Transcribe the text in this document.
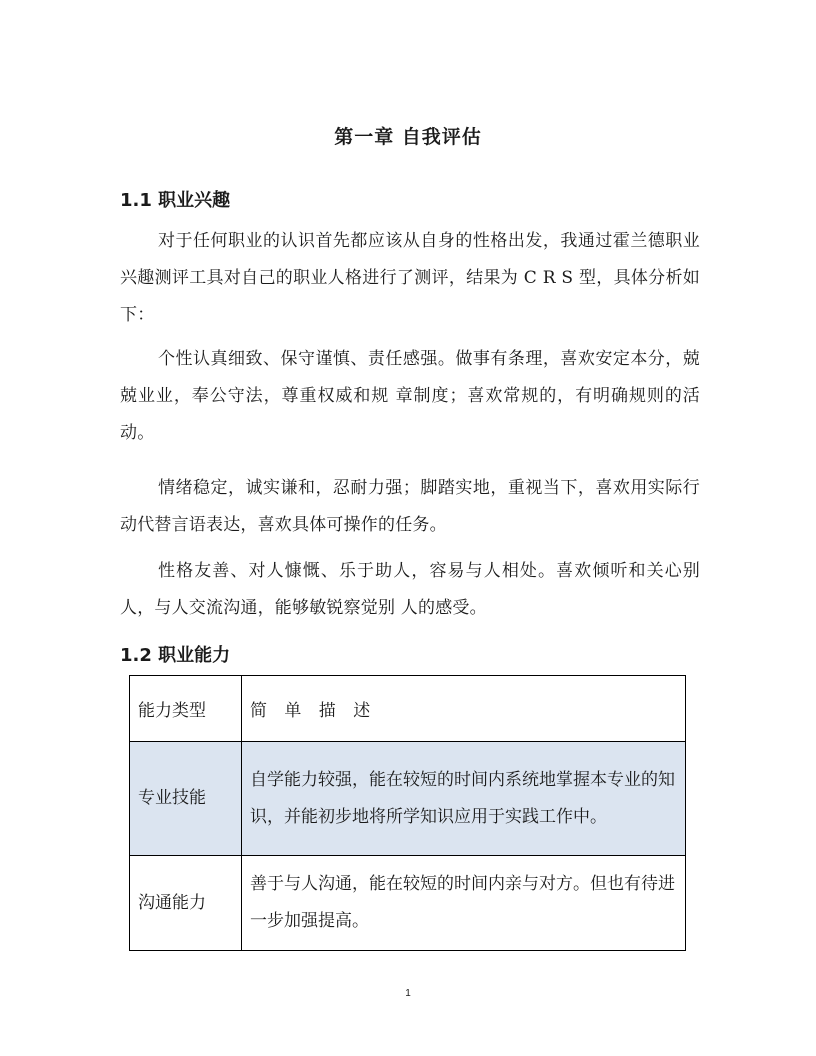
第一章 自我评估
1.1 职业兴趣

对于任何职业的认识首先都应该从自身的性格出发，我通过霍兰德职业兴趣测评工具对自己的职业人格进行了测评，结果为 C R S 型，具体分析如下：

个性认真细致、保守谨慎、责任感强。做事有条理，喜欢安定本分，兢兢业业，奉公守法，尊重权威和规 章制度；喜欢常规的，有明确规则的活动。

情绪稳定，诚实谦和，忍耐力强；脚踏实地，重视当下，喜欢用实际行动代替言语表达，喜欢具体可操作的任务。

性格友善、对人慷慨、乐于助人，容易与人相处。喜欢倾听和关心别人，与人交流沟通，能够敏锐察觉别 人的感受。

1.2 职业能力
能力类型	简 单 描 述
专业技能	自学能力较强，能在较短的时间内系统地掌握本专业的知识，并能初步地将所学知识应用于实践工作中。
沟通能力	善于与人沟通，能在较短的时间内亲与对方。但也有待进一步加强提高。
1
